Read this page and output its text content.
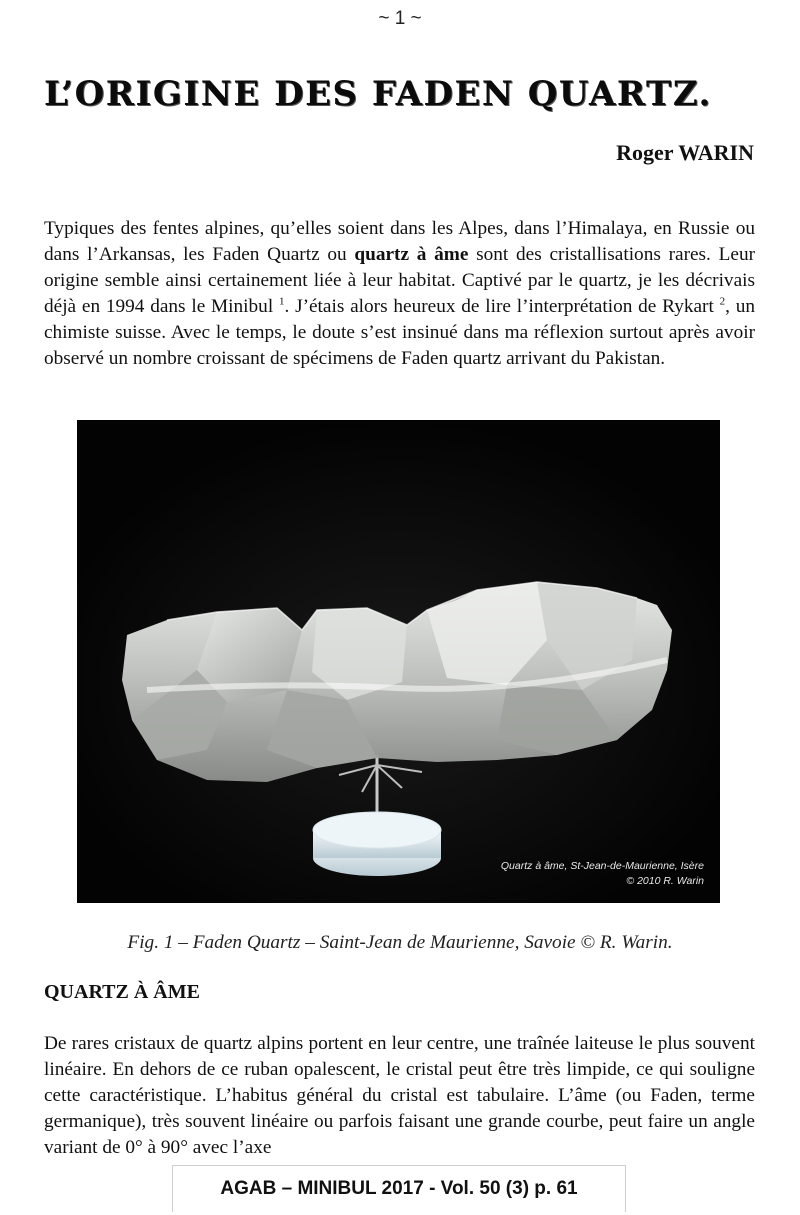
~ 1 ~
L’ORIGINE DES FADEN QUARTZ.

Roger WARIN

Typiques des fentes alpines, qu’elles soient dans les Alpes, dans l’Himalaya, en Russie ou dans l’Arkansas, les Faden Quartz ou quartz à âme sont des cristallisations rares. Leur origine semble ainsi certainement liée à leur habitat. Captivé par le quartz, je les décrivais déjà en 1994 dans le Minibul $^1$. J’étais alors heureux de lire l’interprétation de Rykart $^2$, un chimiste suisse. Avec le temps, le doute s’est insinué dans ma réflexion surtout après avoir observé un nombre croissant de spécimens de Faden quartz arrivant du Pakistan.

Quartz à âme, St-Jean-de-Maurienne, Isère
© 2010 R. Warin
Fig. 1 – Faden Quartz – Saint-Jean de Maurienne, Savoie © R. Warin.
QUARTZ À ÂME

De rares cristaux de quartz alpins portent en leur centre, une traînée laiteuse le plus souvent linéaire. En dehors de ce ruban opalescent, le cristal peut être très limpide, ce qui souligne cette caractéristique. L’habitus général du cristal est tabulaire. L’âme (ou Faden, terme germanique), très souvent linéaire ou parfois faisant une grande courbe, peut faire un angle variant de 0° à 90° avec l’axe

AGAB – MINIBUL 2017 - Vol. 50 (3) p. 61
